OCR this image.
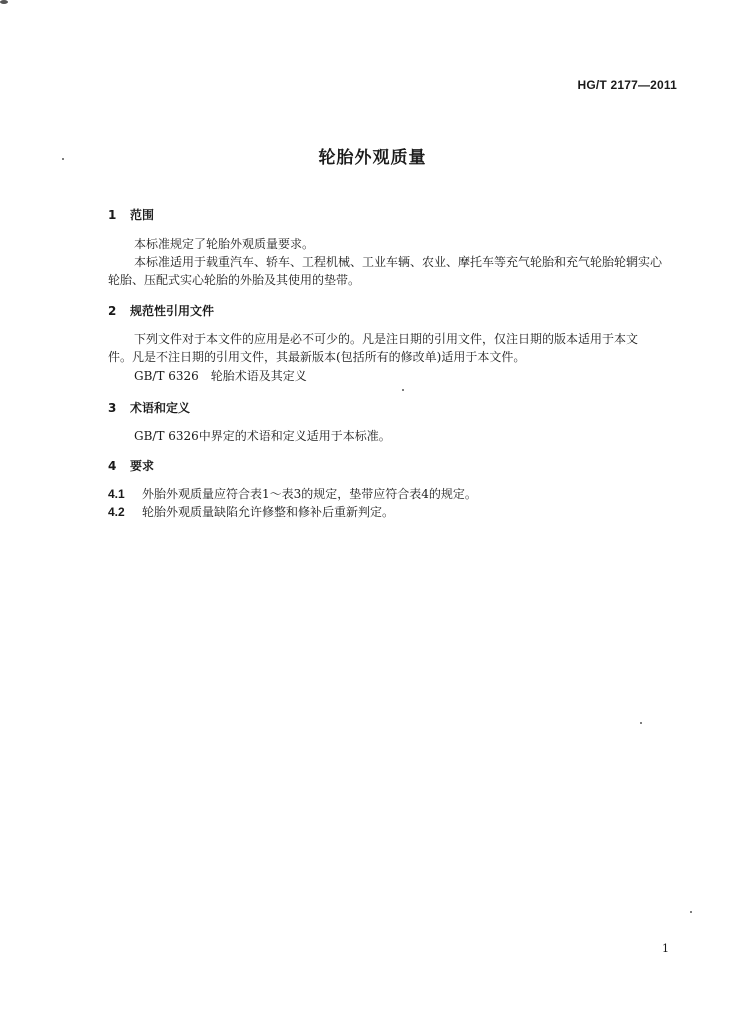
HG/T 2177—2011
轮胎外观质量
1 范围
本标准规定了轮胎外观质量要求。
本标准适用于载重汽车、轿车、工程机械、工业车辆、农业、摩托车等充气轮胎和充气轮胎轮辋实心
轮胎、压配式实心轮胎的外胎及其使用的垫带。
2 规范性引用文件
下列文件对于本文件的应用是必不可少的。凡是注日期的引用文件，仅注日期的版本适用于本文
件。凡是不注日期的引用文件，其最新版本(包括所有的修改单)适用于本文件。
GB/T 6326　轮胎术语及其定义
3 术语和定义
GB/T 6326中界定的术语和定义适用于本标准。
4 要求
4.1 外胎外观质量应符合表1～表3的规定，垫带应符合表4的规定。
4.2 轮胎外观质量缺陷允许修整和修补后重新判定。
1
